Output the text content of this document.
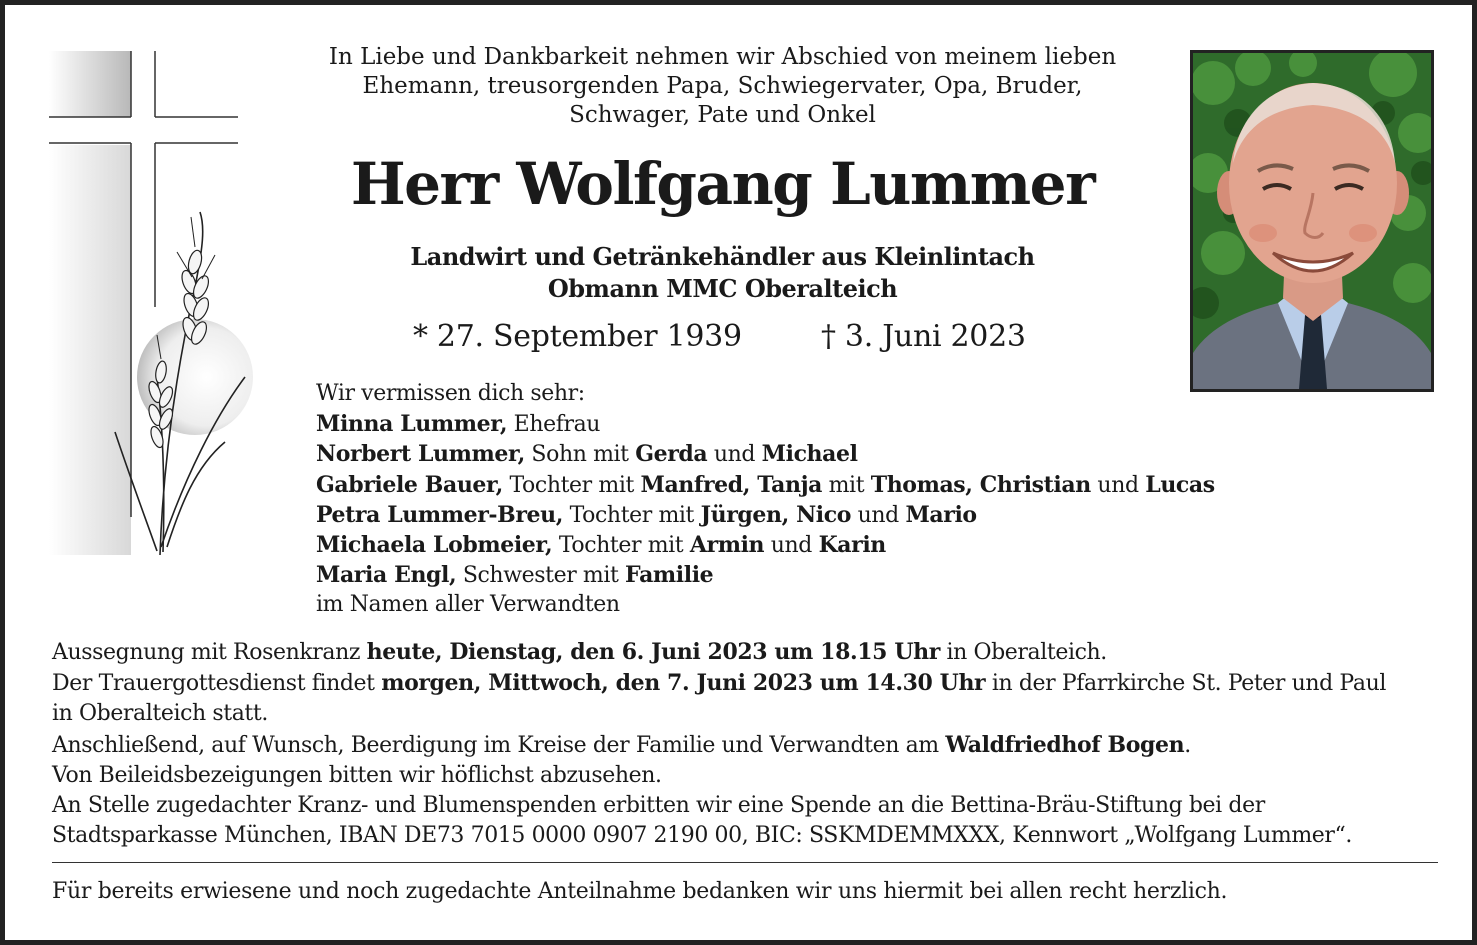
In Liebe und Dankbarkeit nehmen wir Abschied von meinem lieben
Ehemann, treusorgenden Papa, Schwiegervater, Opa, Bruder,
Schwager, Pate und Onkel
Herr Wolfgang Lummer
Landwirt und Getränkehändler aus Kleinlintach
Obmann MMC Oberalteich
* 27. September 1939	† 3. Juni 2023
Wir vermissen dich sehr:
Minna Lummer, Ehefrau
Norbert Lummer, Sohn mit Gerda und Michael
Gabriele Bauer, Tochter mit Manfred, Tanja mit Thomas, Christian und Lucas
Petra Lummer-Breu, Tochter mit Jürgen, Nico und Mario
Michaela Lobmeier, Tochter mit Armin und Karin
Maria Engl, Schwester mit Familie
im Namen aller Verwandten
Aussegnung mit Rosenkranz heute, Dienstag, den 6. Juni 2023 um 18.15 Uhr in Oberalteich.
Der Trauergottesdienst findet morgen, Mittwoch, den 7. Juni 2023 um 14.30 Uhr in der Pfarrkirche St. Peter und Paul
in Oberalteich statt.
Anschließend, auf Wunsch, Beerdigung im Kreise der Familie und Verwandten am Waldfriedhof Bogen.
Von Beileidsbezeigungen bitten wir höflichst abzusehen.
An Stelle zugedachter Kranz- und Blumenspenden erbitten wir eine Spende an die Bettina-Bräu-Stiftung bei der
Stadtsparkasse München, IBAN DE73 7015 0000 0907 2190 00, BIC: SSKMDEMMXXX, Kennwort „Wolfgang Lummer“.
Für bereits erwiesene und noch zugedachte Anteilnahme bedanken wir uns hiermit bei allen recht herzlich.
